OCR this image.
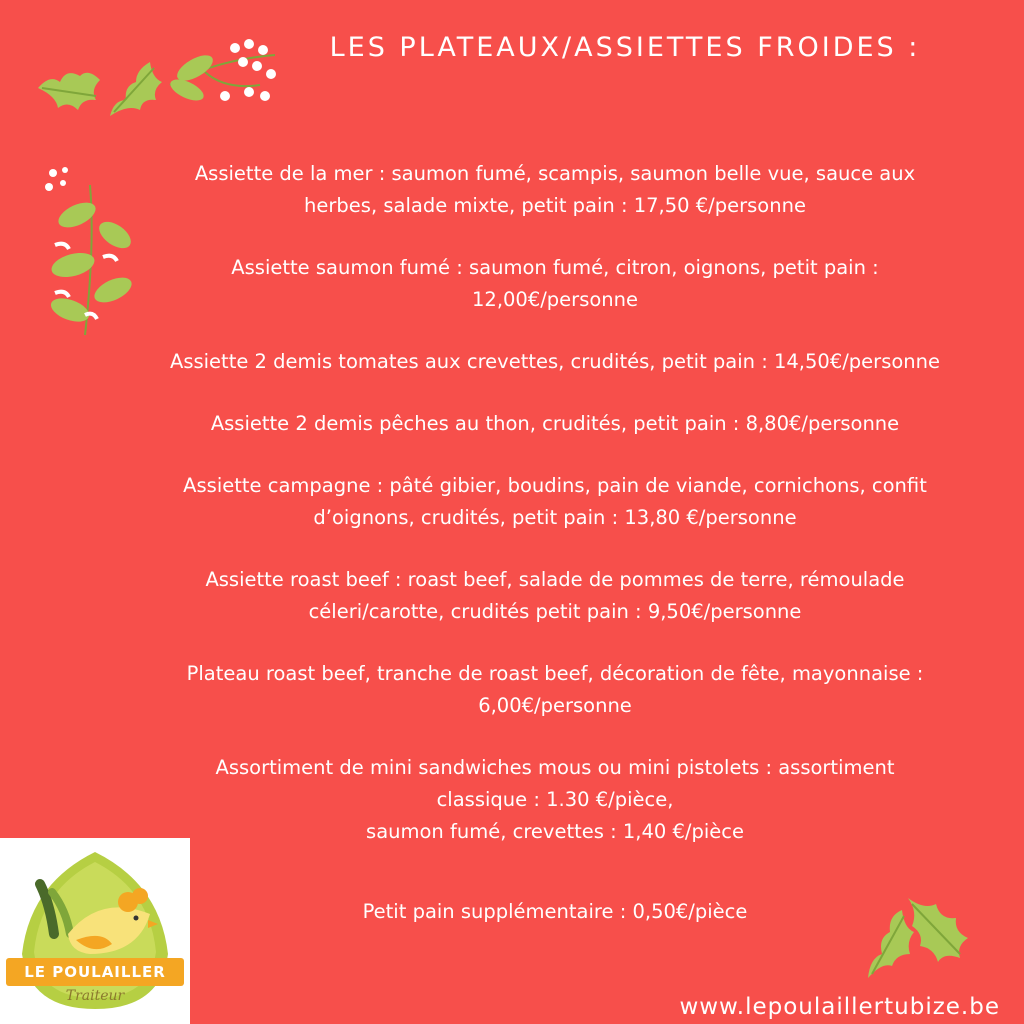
LES PLATEAUX/ASSIETTES FROIDES :

Assiette de la mer : saumon fumé, scampis, saumon belle vue, sauce aux

herbes, salade mixte, petit pain : 17,50 €/personne

Assiette saumon fumé : saumon fumé, citron, oignons, petit pain :

12,00€/personne

Assiette 2 demis tomates aux crevettes, crudités, petit pain : 14,50€/personne

Assiette 2 demis pêches au thon, crudités, petit pain : 8,80€/personne

Assiette campagne : pâté gibier, boudins, pain de viande, cornichons, confit

d’oignons, crudités, petit pain : 13,80 €/personne

Assiette roast beef : roast beef, salade de pommes de terre, rémoulade

céleri/carotte, crudités petit pain : 9,50€/personne

Plateau roast beef, tranche de roast beef, décoration de fête, mayonnaise :

6,00€/personne

Assortiment de mini sandwiches mous ou mini pistolets : assortiment

classique : 1.30 €/pièce,

saumon fumé, crevettes : 1,40 €/pièce

Petit pain supplémentaire : 0,50€/pièce

LE POULAILLER
Traiteur	www.lepoulaillertubize.be
